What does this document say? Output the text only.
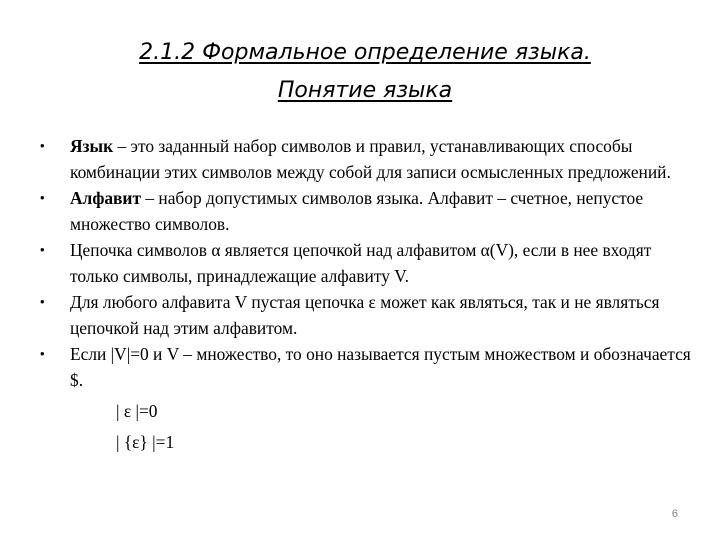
2.1.2 Формальное определение языка.
Понятие языка
• Язык – это заданный набор символов и правил, устанавливающих способы комбинации этих символов между собой для записи осмысленных предложений.
• Алфавит – набор допустимых символов языка. Алфавит – счетное, непустое множество символов.
• Цепочка символов α является цепочкой над алфавитом α(V), если в нее входят только символы, принадлежащие алфавиту V.
• Для любого алфавита V пустая цепочка ε может как являться, так и не являться цепочкой над этим алфавитом.
• Если |V|=0 и V – множество, то оно называется пустым множеством и обозначается $.
| ε |=0
| {ε} |=1
6
